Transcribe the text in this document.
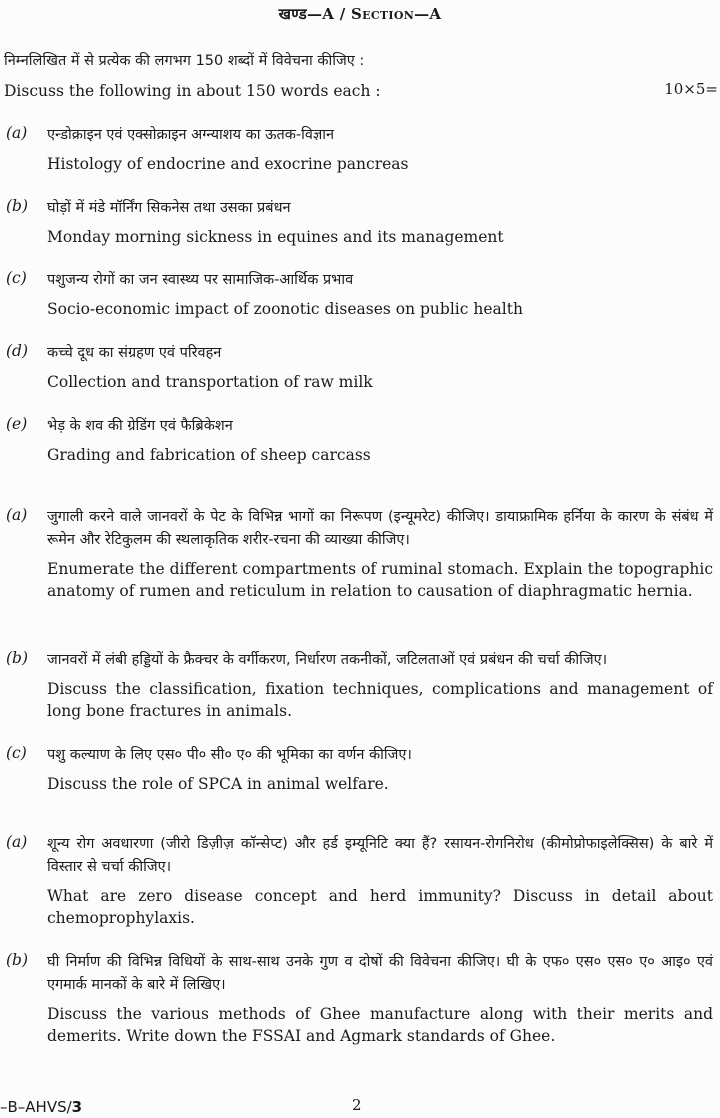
खण्ड—A / Section—A
निम्नलिखित में से प्रत्येक की लगभग 150 शब्दों में विवेचना कीजिए :
Discuss the following in about 150 words each :	10×5=
(a) एन्डोक्राइन एवं एक्सोक्राइन अग्न्याशय का ऊतक-विज्ञान
Histology of endocrine and exocrine pancreas
(b) घोड़ों में मंडे मॉर्निंग सिकनेस तथा उसका प्रबंधन
Monday morning sickness in equines and its management
(c) पशुजन्य रोगों का जन स्वास्थ्य पर सामाजिक-आर्थिक प्रभाव
Socio-economic impact of zoonotic diseases on public health
(d) कच्चे दूध का संग्रहण एवं परिवहन
Collection and transportation of raw milk
(e) भेड़ के शव की ग्रेडिंग एवं फैब्रिकेशन
Grading and fabrication of sheep carcass
(a) जुगाली करने वाले जानवरों के पेट के विभिन्न भागों का निरूपण (इन्यूमरेट) कीजिए। डायाफ्रामिक हर्निया के कारण के संबंध में रूमेन और रेटिकुलम की स्थलाकृतिक शरीर-रचना की व्याख्या कीजिए।
Enumerate the different compartments of ruminal stomach. Explain the topographic anatomy of rumen and reticulum in relation to causation of diaphragmatic hernia.
(b) जानवरों में लंबी हड्डियों के फ्रैक्चर के वर्गीकरण, निर्धारण तकनीकों, जटिलताओं एवं प्रबंधन की चर्चा कीजिए।
Discuss the classification, fixation techniques, complications and management of long bone fractures in animals.
(c) पशु कल्याण के लिए एस० पी० सी० ए० की भूमिका का वर्णन कीजिए।
Discuss the role of SPCA in animal welfare.
(a) शून्य रोग अवधारणा (जीरो डिज़ीज़ कॉन्सेप्ट) और हर्ड इम्यूनिटि क्या हैं? रसायन-रोगनिरोध (कीमोप्रोफाइलेक्सिस) के बारे में विस्तार से चर्चा कीजिए।
What are zero disease concept and herd immunity? Discuss in detail about chemoprophylaxis.
(b) घी निर्माण की विभिन्न विधियों के साथ-साथ उनके गुण व दोषों की विवेचना कीजिए। घी के एफ० एस० एस० ए० आइ० एवं एगमार्क मानकों के बारे में लिखिए।
Discuss the various methods of Ghee manufacture along with their merits and demerits. Write down the FSSAI and Agmark standards of Ghee.
–B–AHVS/3	2
